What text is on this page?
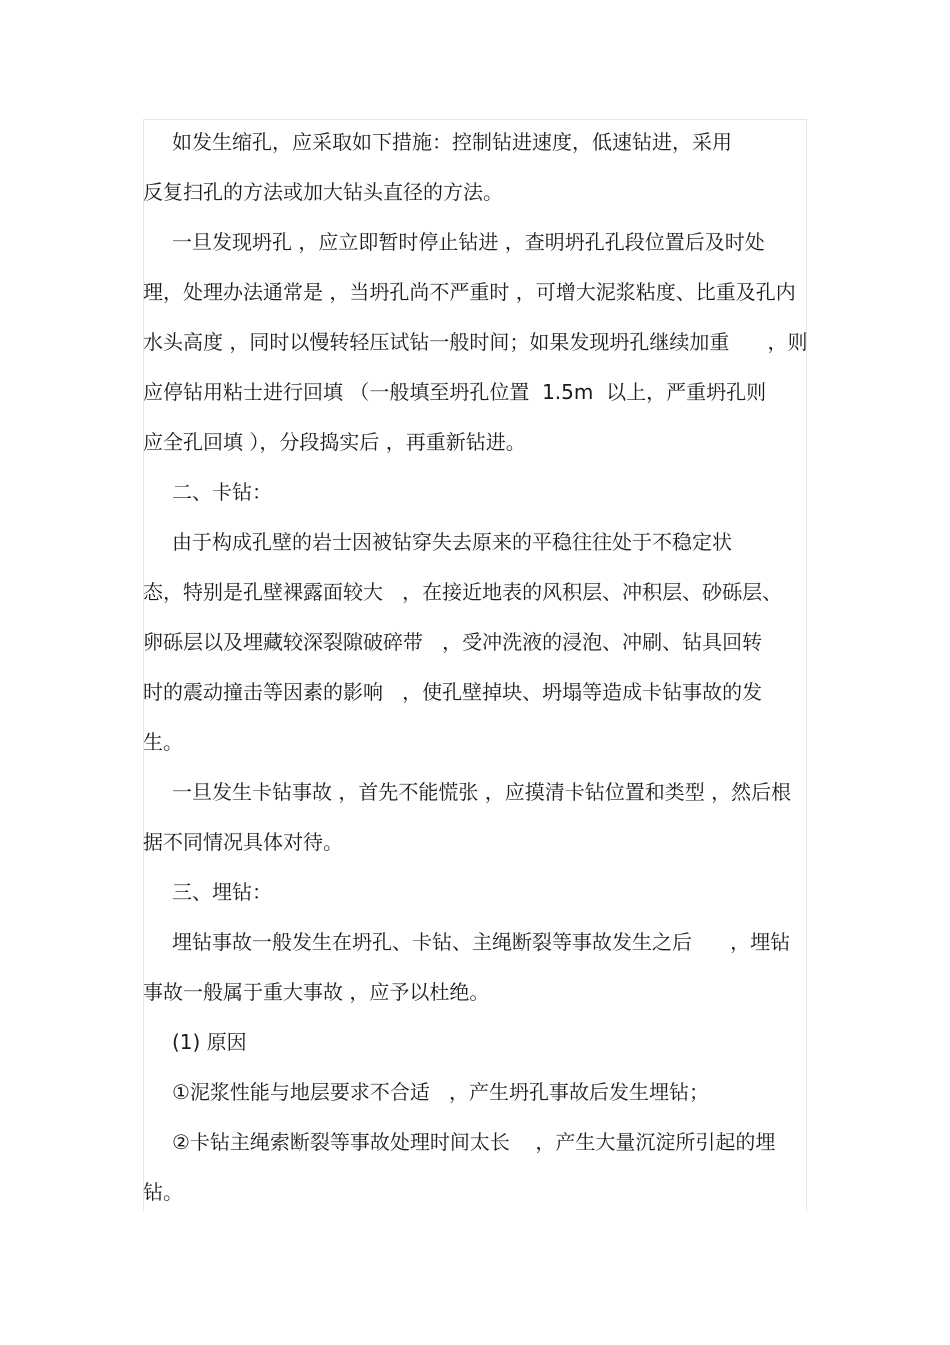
如发生缩孔，应采取如下措施：控制钻进速度，低速钻进，采用
反复扫孔的方法或加大钻头直径的方法。
一旦发现坍孔 ，应立即暂时停止钻进 ，查明坍孔孔段位置后及时处
理，处理办法通常是 ，当坍孔尚不严重时 ，可增大泥浆粘度、比重及孔内
水头高度 ，同时以慢转轻压试钻一般时间；如果发现坍孔继续加重      ，则
应停钻用粘士进行回填 （一般填至坍孔位置  1.5m  以上，严重坍孔则
应全孔回填 ），分段捣实后 ，再重新钻进。
二、卡钻：
由于构成孔壁的岩士因被钻穿失去原来的平稳往往处于不稳定状
态，特别是孔壁裸露面较大   ，在接近地表的风积层、冲积层、砂砾层、
卵砾层以及埋藏较深裂隙破碎带   ，受冲洗液的浸泡、冲刷、钻具回转
时的震动撞击等因素的影响   ，使孔壁掉块、坍塌等造成卡钻事故的发
生。
一旦发生卡钻事故 ，首先不能慌张 ，应摸清卡钻位置和类型 ，然后根
据不同情况具体对待。
三、埋钻：
埋钻事故一般发生在坍孔、卡钻、主绳断裂等事故发生之后      ，埋钻
事故一般属于重大事故 ，应予以杜绝。
(1) 原因
①泥浆性能与地层要求不合适   ，产生坍孔事故后发生埋钻；
②卡钻主绳索断裂等事故处理时间太长    ，产生大量沉淀所引起的埋
钻。
